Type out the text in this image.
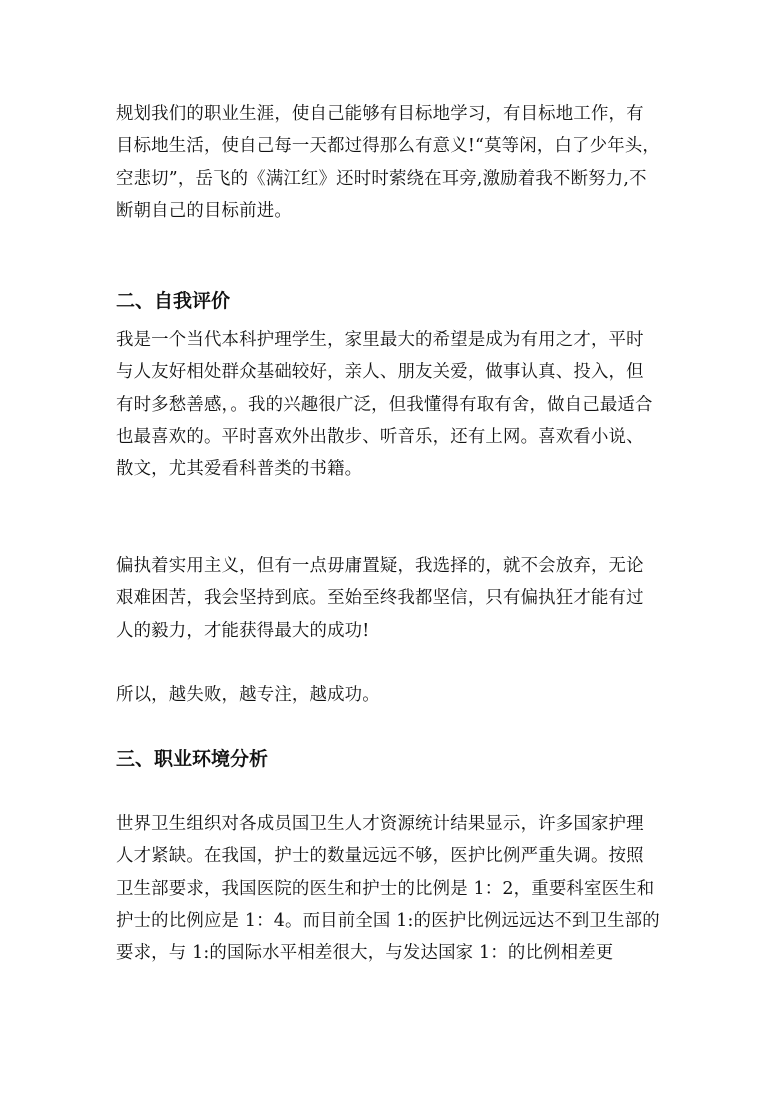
规划我们的职业生涯，使自己能够有目标地学习，有目标地工作，有目标地生活，使自己每一天都过得那么有意义!“莫等闲，白了少年头，空悲切”，岳飞的《满江红》还时时萦绕在耳旁,激励着我不断努力,不断朝自己的目标前进。

二、自我评价

我是一个当代本科护理学生，家里最大的希望是成为有用之才，平时与人友好相处群众基础较好，亲人、朋友关爱，做事认真、投入，但有时多愁善感，。我的兴趣很广泛，但我懂得有取有舍，做自己最适合也最喜欢的。平时喜欢外出散步、听音乐，还有上网。喜欢看小说、散文，尤其爱看科普类的书籍。

偏执着实用主义，但有一点毋庸置疑，我选择的，就不会放弃，无论艰难困苦，我会坚持到底。至始至终我都坚信，只有偏执狂才能有过人的毅力，才能获得最大的成功!

所以，越失败，越专注，越成功。

三、职业环境分析

世界卫生组织对各成员国卫生人才资源统计结果显示，许多国家护理人才紧缺。在我国，护士的数量远远不够，医护比例严重失调。按照卫生部要求，我国医院的医生和护士的比例是 1：2，重要科室医生和护士的比例应是 1：4。而目前全国 1:的医护比例远远达不到卫生部的要求，与 1:的国际水平相差很大，与发达国家 1：的比例相差更
